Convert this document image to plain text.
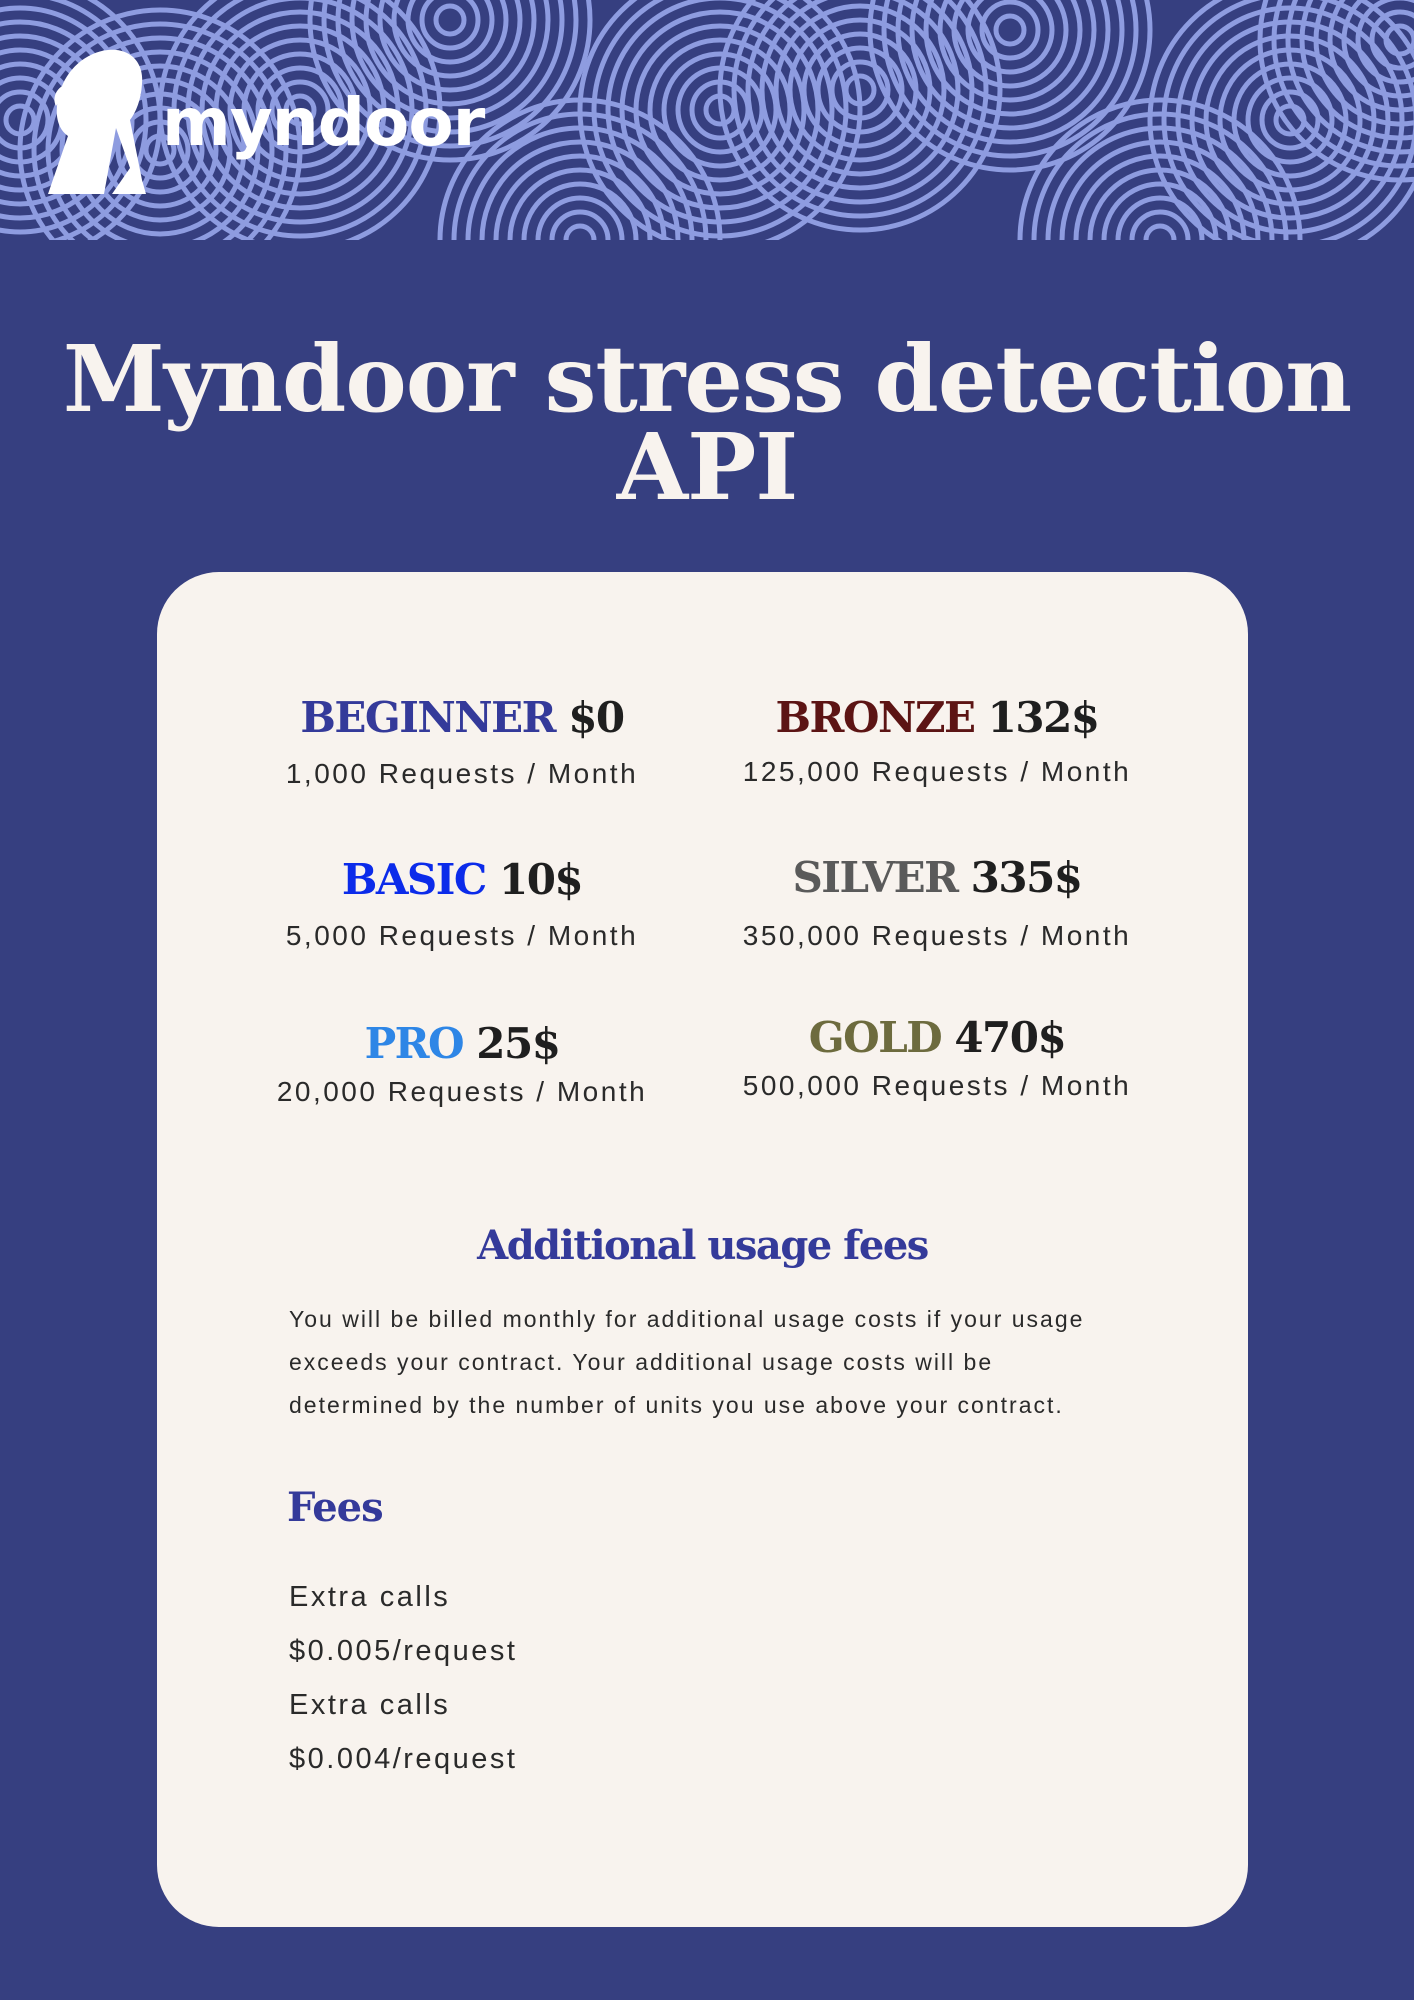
myndoor
Myndoor stress detection
API
BEGINNER $0
1,000 Requests / Month
BRONZE 132$
125,000 Requests / Month
BASIC 10$
5,000 Requests / Month
SILVER 335$
350,000 Requests / Month
PRO 25$
20,000 Requests / Month
GOLD 470$
500,000 Requests / Month
Additional usage fees
You will be billed monthly for additional usage costs if your usage
exceeds your contract. Your additional usage costs will be
determined by the number of units you use above your contract.
Fees
Extra calls
$0.005/request
Extra calls
$0.004/request
